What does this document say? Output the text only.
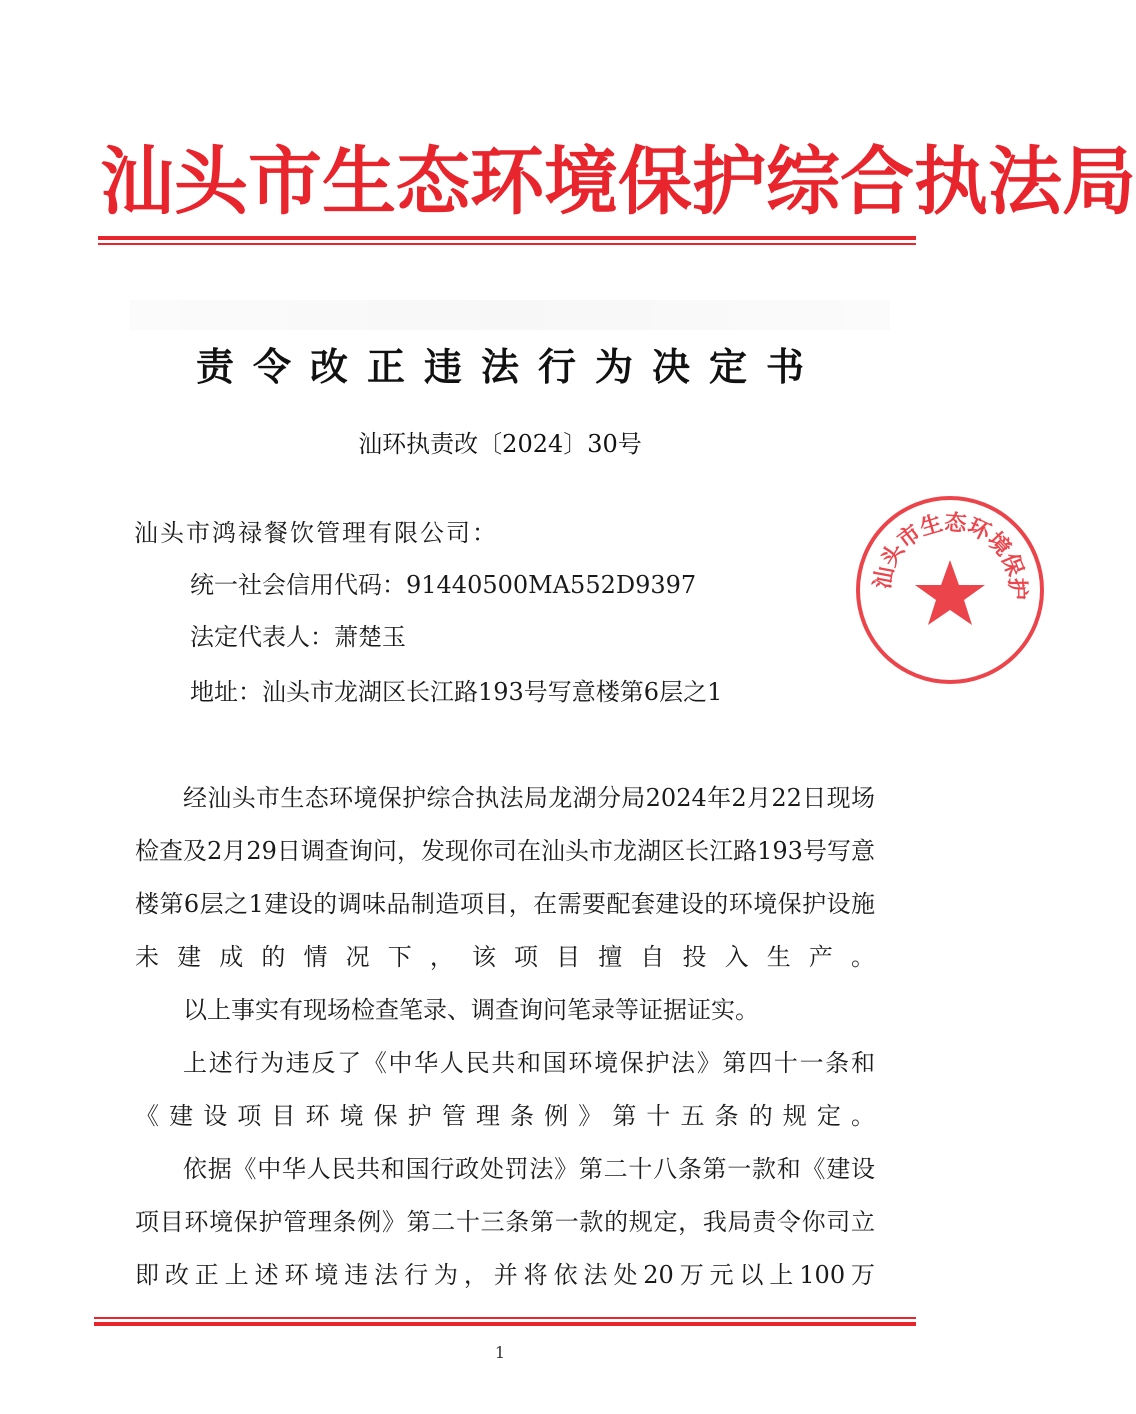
汕 头 市 生 态 环 境 保 护 综 合 执 法 局
责令改正违法行为决定书
汕环执责改〔2024〕30号
汕头市鸿禄餐饮管理有限公司：
统一社会信用代码：91440500MA552D9397
法定代表人：萧楚玉
地址：汕头市龙湖区长江路193号写意楼第6层之1

经汕头市生态环境保护综合执法局龙湖分局2024年2月22日现场检查及2月29日调查询问，发现你司在汕头市龙湖区长江路193号写意楼第6层之1建设的调味品制造项目，在需要配套建设的环境保护设施未建成的情况下，该项目擅自投入生产。

以上事实有现场检查笔录、调查询问笔录等证据证实。

上述行为违反了《中华人民共和国环境保护法》第四十一条和《建设项目环境保护管理条例》第十五条的规定。

依据《中华人民共和国行政处罚法》第二十八条第一款和《建设项目环境保护管理条例》第二十三条第一款的规定，我局责令你司立即改正上述环境违法行为，并将依法处20万元以上100万

汕头市生态环境保护
1
